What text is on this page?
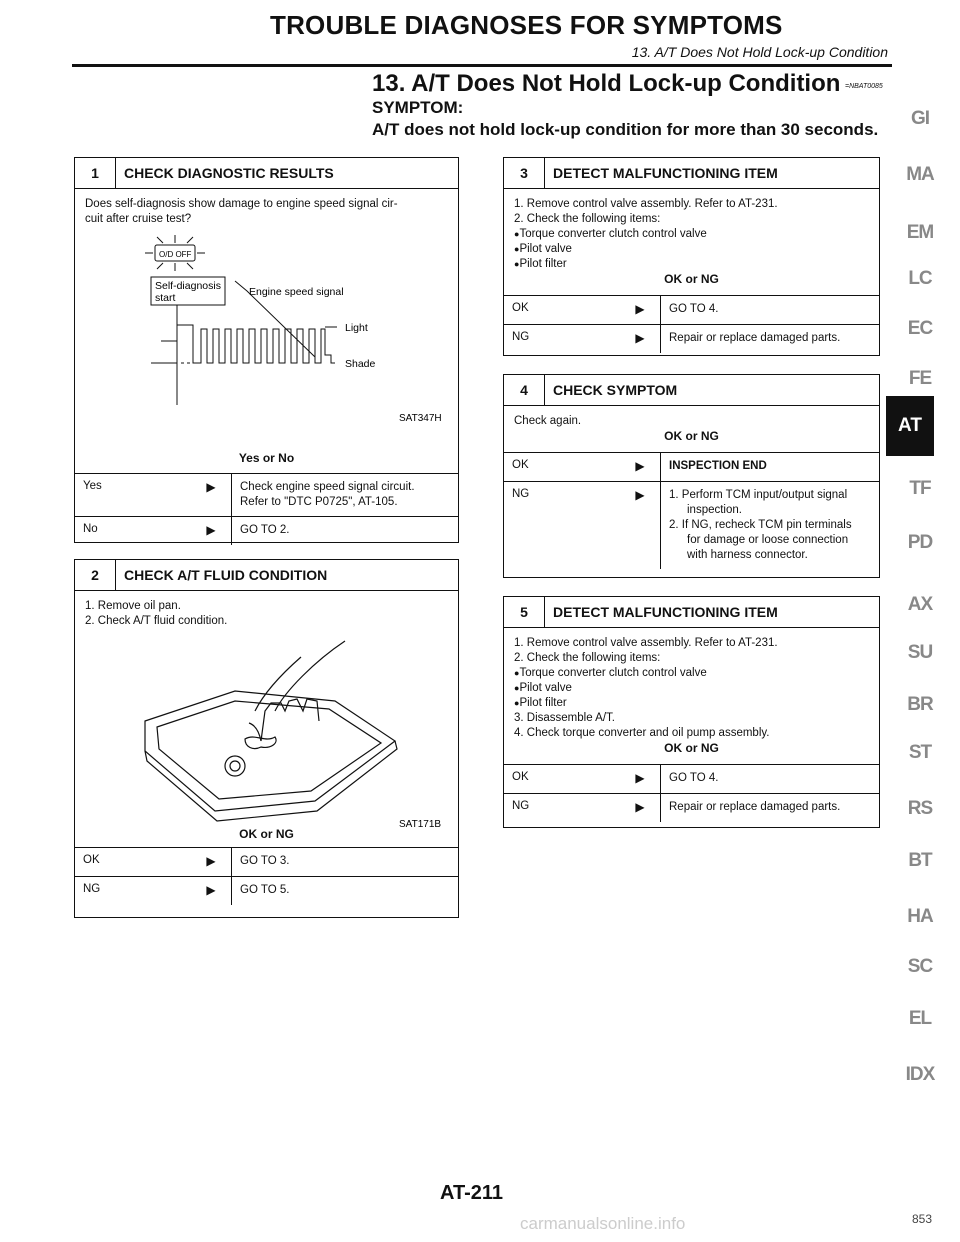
TROUBLE DIAGNOSES FOR SYMPTOMS
13. A/T Does Not Hold Lock-up Condition
13. A/T Does Not Hold Lock-up Condition =NBAT0085
SYMPTOM:
A/T does not hold lock-up condition for more than 30 seconds.
1	CHECK DIAGNOSTIC RESULTS
Does self-diagnosis show damage to engine speed signal cir-
cuit after cruise test?
O/D OFF
Self-diagnosis
start	Engine speed signal
Light
Shade
SAT347H
Yes or No
Yes	▶	Check engine speed signal circuit.
Refer to "DTC P0725", AT-105.
No	▶	GO TO 2.
2	CHECK A/T FLUID CONDITION
1. Remove oil pan.
2. Check A/T fluid condition.
SAT171B
OK or NG
OK	▶	GO TO 3.
NG	▶	GO TO 5.
3	DETECT MALFUNCTIONING ITEM
1. Remove control valve assembly. Refer to AT-231.
2. Check the following items:
● Torque converter clutch control valve
● Pilot valve
● Pilot filter
OK or NG
OK	▶	GO TO 4.
NG	▶	Repair or replace damaged parts.
4	CHECK SYMPTOM
Check again.
OK or NG
OK	▶	INSPECTION END
NG	▶	1. Perform TCM input/output signal
inspection.
2. If NG, recheck TCM pin terminals
for damage or loose connection
with harness connector.
5	DETECT MALFUNCTIONING ITEM
1. Remove control valve assembly. Refer to AT-231.
2. Check the following items:
● Torque converter clutch control valve
● Pilot valve
● Pilot filter
3. Disassemble A/T.
4. Check torque converter and oil pump assembly.
OK or NG
OK	▶	GO TO 4.
NG	▶	Repair or replace damaged parts.
GI
MA
EM
LC
EC
FE
AT
TF
PD
AX
SU
BR
ST
RS
BT
HA
SC
EL
IDX
AT-211
853
carmanualsonline.info
